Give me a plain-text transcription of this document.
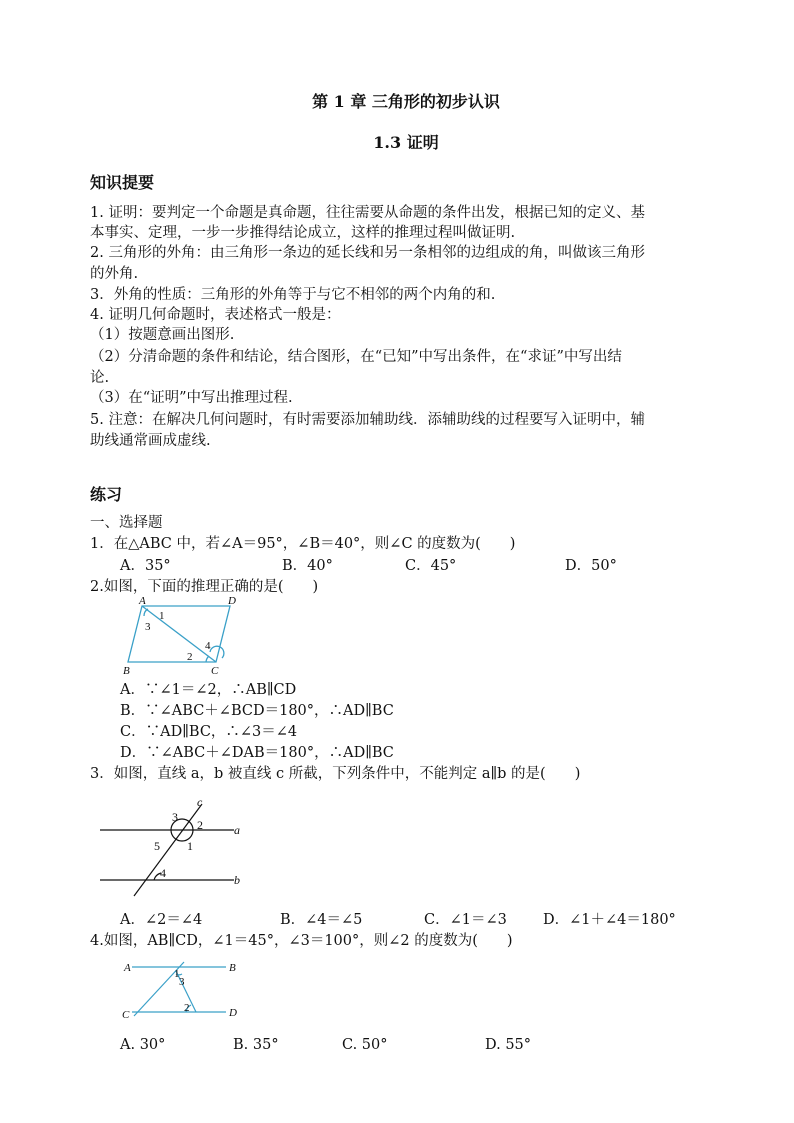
第 1 章 三角形的初步认识
1.3 证明
知识提要
1. 证明：要判定一个命题是真命题，往往需要从命题的条件出发，根据已知的定义、基
本事实、定理，一步一步推得结论成立，这样的推理过程叫做证明.
2. 三角形的外角：由三角形一条边的延长线和另一条相邻的边组成的角，叫做该三角形
的外角.
3．外角的性质：三角形的外角等于与它不相邻的两个内角的和.
4. 证明几何命题时，表述格式一般是：
（1）按题意画出图形.
（2）分清命题的条件和结论，结合图形，在“已知”中写出条件，在“求证”中写出结
论.
（3）在“证明”中写出推理过程.
5. 注意：在解决几何问题时，有时需要添加辅助线．添辅助线的过程要写入证明中，辅
助线通常画成虚线.
练习
一、选择题
1．在△ABC 中，若∠A＝95°，∠B＝40°，则∠C 的度数为(　　)
A．35°	B．40°	C．45°	D．50°
2.如图，下面的推理正确的是(　　)
A	D
B	C
1
2
3
4
A．∵∠1＝∠2，∴AB∥CD
B．∵∠ABC＋∠BCD＝180°，∴AD∥BC
C．∵AD∥BC，∴∠3＝∠4
D．∵∠ABC＋∠DAB＝180°，∴AD∥BC
3．如图，直线 a，b 被直线 c 所截，下列条件中，不能判定 a∥b 的是(　　)
c
a
b
1
2
3
4
5
A．∠2＝∠4	B．∠4＝∠5	C．∠1＝∠3 D．∠1＋∠4＝180°
4.如图，AB∥CD，∠1＝45°，∠3＝100°，则∠2 的度数为(　　)
A	B
C	D
1
2
3
A. 30°	B. 35°	C. 50°	D. 55°
